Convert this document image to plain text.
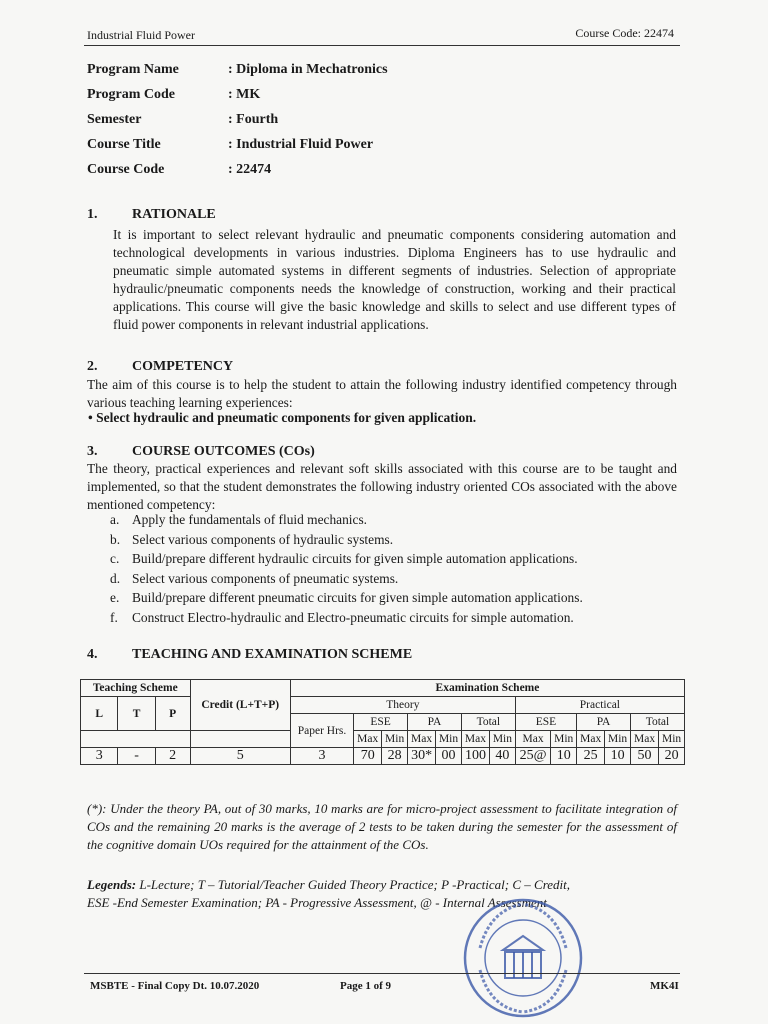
Industrial Fluid Power	Course Code: 22474
Program Name	: Diploma in Mechatronics
Program Code	: MK
Semester	: Fourth
Course Title	: Industrial Fluid Power
Course Code	: 22474
1. RATIONALE
It is important to select relevant hydraulic and pneumatic components considering automation and technological developments in various industries. Diploma Engineers has to use hydraulic and pneumatic simple automated systems in different segments of industries. Selection of appropriate hydraulic/pneumatic components needs the knowledge of construction, working and their practical applications. This course will give the basic knowledge and skills to select and use different types of fluid power components in relevant industrial applications.
2. COMPETENCY
The aim of this course is to help the student to attain the following industry identified competency through various teaching learning experiences:
• Select hydraulic and pneumatic components for given application.
3. COURSE OUTCOMES (COs)
The theory, practical experiences and relevant soft skills associated with this course are to be taught and implemented, so that the student demonstrates the following industry oriented COs associated with the above mentioned competency:
a. Apply the fundamentals of fluid mechanics.
b. Select various components of hydraulic systems.
c. Build/prepare different hydraulic circuits for given simple automation applications.
d. Select various components of pneumatic systems.
e. Build/prepare different pneumatic circuits for given simple automation applications.
f.	Construct Electro-hydraulic and Electro-pneumatic circuits for simple automation.
4. TEACHING AND EXAMINATION SCHEME
Teaching Scheme			Credit (L+T+P)	Examination Scheme												
L	T	P		Theory							Practical					
				Paper Hrs.	ESE		PA		Total		ESE		PA		Total	
					Max	Min	Max	Min	Max	Min	Max	Min	Max	Min	Max	Min
3	-	2	5	3	70	28	30*	00	100	40	25@	10	25	10	50	20
(*): Under the theory PA, out of 30 marks, 10 marks are for micro-project assessment to facilitate integration of COs and the remaining 20 marks is the average of 2 tests to be taken during the semester for the assessment of the cognitive domain UOs required for the attainment of the COs.
Legends: L-Lecture; T – Tutorial/Teacher Guided Theory Practice; P -Practical; C – Credit,
ESE -End Semester Examination; PA - Progressive Assessment, @ - Internal Assessment
MSBTE - Final Copy Dt. 10.07.2020	Page 1 of 9	MK4I
